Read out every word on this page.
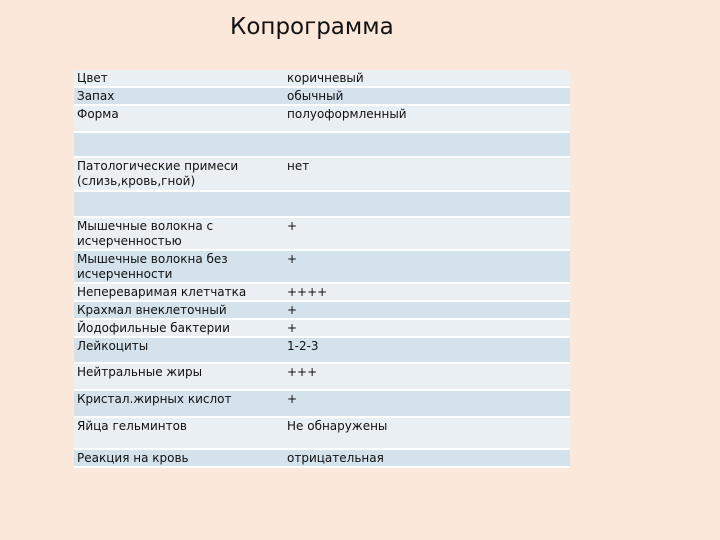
Копрограмма
Цвет	коричневый
Запах	обычный
Форма	полуоформленный

Патологические примеси (слизь,кровь,гной)	нет

Мышечные волокна с исчерченностью	+
Мышечные волокна без исчерченности	+
Непереваримая клетчатка	++++
Крахмал внеклеточный	+
Йодофильные бактерии	+
Лейкоциты	1-2-3
Нейтральные жиры	+++
Кристал.жирных кислот	+
Яйца гельминтов	Не обнаружены
Реакция на кровь	отрицательная
